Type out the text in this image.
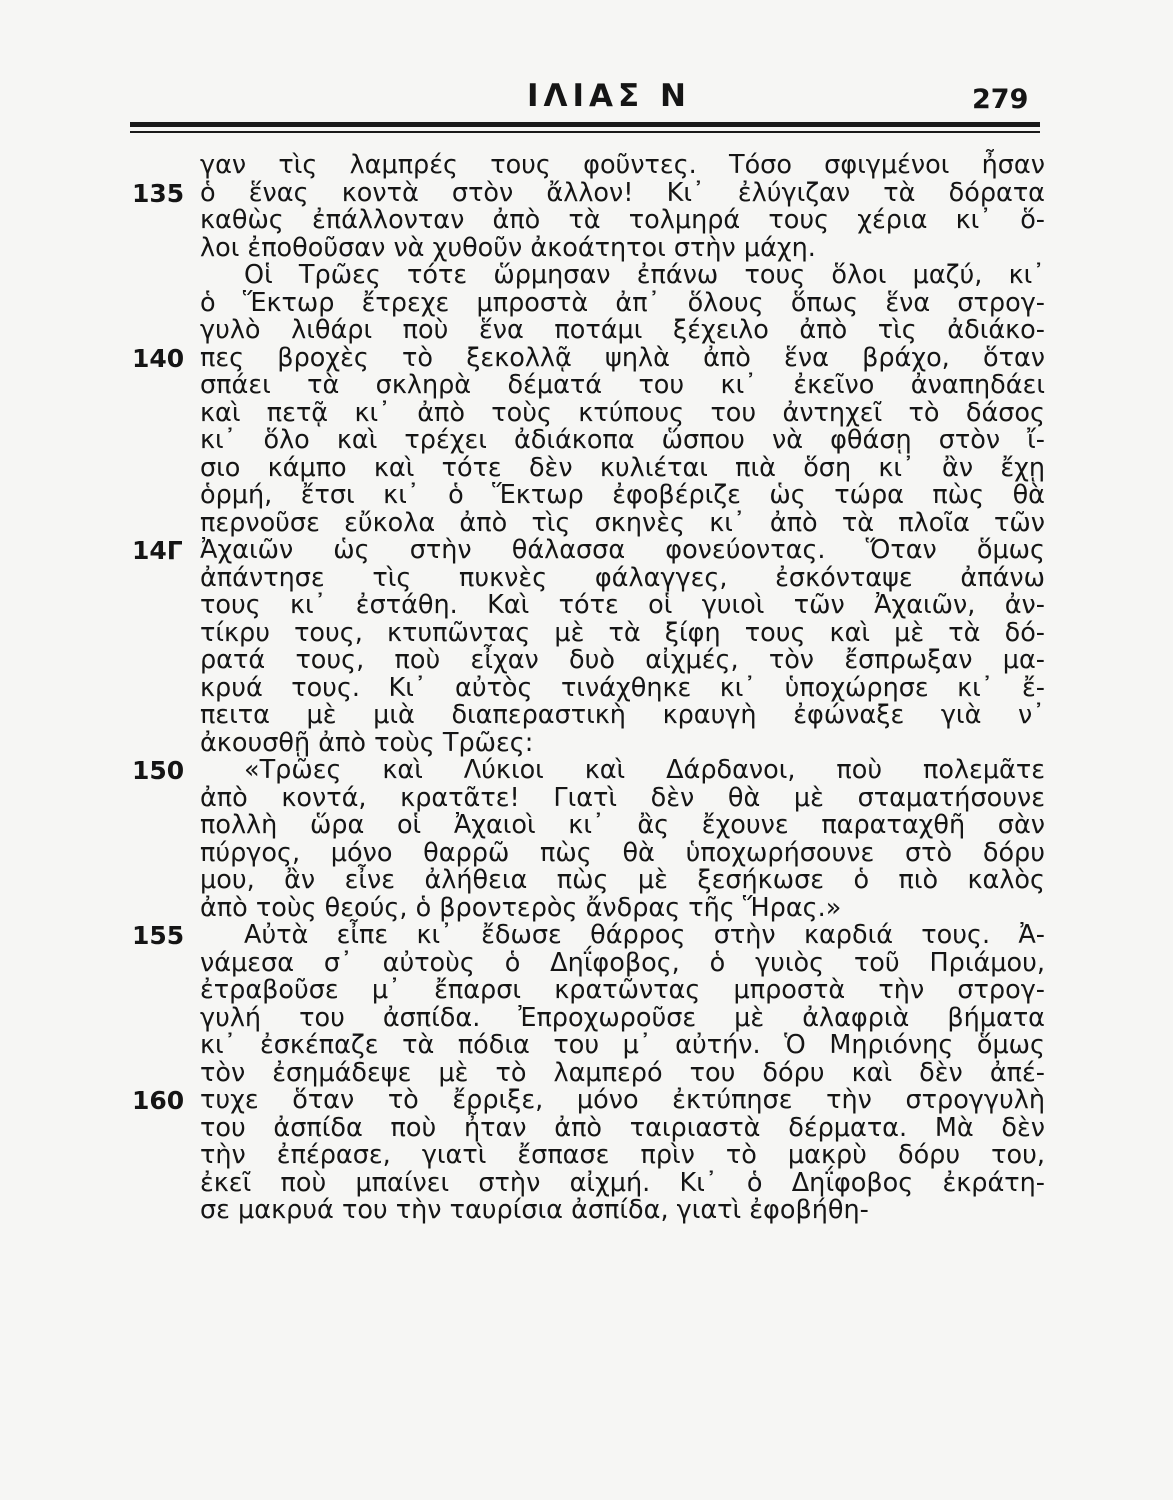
ΙΛΙΑΣ Ν	279
γαν τὶς λαμπρές τους φοῦντες. Τόσο σφιγμένοι ἦσαν
135 ὁ ἕνας κοντὰ στὸν ἄλλον! Κι᾿ ἐλύγιζαν τὰ δόρατα
καθὼς ἐπάλλονταν ἀπὸ τὰ τολμηρά τους χέρια κι᾿ ὅ-
λοι ἐποθοῦσαν νὰ χυθοῦν ἀκοάτητοι στὴν μάχη.
Οἱ Τρῶες τότε ὥρμησαν ἐπάνω τους ὅλοι μαζύ, κι᾿
ὁ Ἕκτωρ ἔτρεχε μπροστὰ ἀπ᾿ ὅλους ὅπως ἕνα στρογ-
γυλὸ λιθάρι ποὺ ἕνα ποτάμι ξέχειλο ἀπὸ τὶς ἀδιάκο-
140 πες βροχὲς τὸ ξεκολλᾷ ψηλὰ ἀπὸ ἕνα βράχο, ὅταν
σπάει τὰ σκληρὰ δέματά του κι᾿ ἐκεῖνο ἀναπηδάει
καὶ πετᾷ κι᾿ ἀπὸ τοὺς κτύπους του ἀντηχεῖ τὸ δάσος
κι᾿ ὅλο καὶ τρέχει ἀδιάκοπα ὥσπου νὰ φθάσῃ στὸν ἴ-
σιο κάμπο καὶ τότε δὲν κυλιέται πιὰ ὅση κι᾿ ἂν ἔχῃ
ὁρμή, ἔτσι κι᾿ ὁ Ἕκτωρ ἐφοβέριζε ὡς τώρα πὼς θὰ
περνοῦσε εὔκολα ἀπὸ τὶς σκηνὲς κι᾿ ἀπὸ τὰ πλοῖα τῶν
14Γ Ἀχαιῶν ὡς στὴν θάλασσα φονεύοντας. Ὅταν ὅμως
ἀπάντησε τὶς πυκνὲς φάλαγγες, ἐσκόνταψε ἀπάνω
τους κι᾿ ἐστάθη. Καὶ τότε οἱ γυιοὶ τῶν Ἀχαιῶν, ἀν-
τίκρυ τους, κτυπῶντας μὲ τὰ ξίφη τους καὶ μὲ τὰ δό-
ρατά τους, ποὺ εἶχαν δυὸ αἰχμές, τὸν ἔσπρωξαν μα-
κρυά τους. Κι᾿ αὐτὸς τινάχθηκε κι᾿ ὑποχώρησε κι᾿ ἔ-
πειτα μὲ μιὰ διαπεραστικὴ κραυγὴ ἐφώναξε γιὰ ν᾿
ἀκουσθῇ ἀπὸ τοὺς Τρῶες:
150	«Τρῶες καὶ Λύκιοι καὶ Δάρδανοι, ποὺ πολεμᾶτε
ἀπὸ κοντά, κρατᾶτε! Γιατὶ δὲν θὰ μὲ σταματήσουνε
πολλὴ ὥρα οἱ Ἀχαιοὶ κι᾿ ἂς ἔχουνε παραταχθῆ σὰν
πύργος, μόνο θαρρῶ πὼς θὰ ὑποχωρήσουνε στὸ δόρυ
μου, ἂν εἶνε ἀλήθεια πὼς μὲ ξεσήκωσε ὁ πιὸ καλὸς
ἀπὸ τοὺς θεούς, ὁ βροντερὸς ἄνδρας τῆς Ἥρας.»
155	Αὐτὰ εἶπε κι᾿ ἔδωσε θάρρος στὴν καρδιά τους. Ἀ-
νάμεσα σ᾿ αὐτοὺς ὁ Δηΐφοβος, ὁ γυιὸς τοῦ Πριάμου,
ἐτραβοῦσε μ᾿ ἔπαρσι κρατῶντας μπροστὰ τὴν στρογ-
γυλή του ἀσπίδα. Ἐπροχωροῦσε μὲ ἀλαφριὰ βήματα
κι᾿ ἐσκέπαζε τὰ πόδια του μ᾿ αὐτήν. Ὁ Μηριόνης ὅμως
τὸν ἐσημάδεψε μὲ τὸ λαμπερό του δόρυ καὶ δὲν ἀπέ-
160 τυχε ὅταν τὸ ἔρριξε, μόνο ἐκτύπησε τὴν στρογγυλὴ
του ἀσπίδα ποὺ ἦταν ἀπὸ ταιριαστὰ δέρματα. Μὰ δὲν
τὴν ἐπέρασε, γιατὶ ἔσπασε πρὶν τὸ μακρὺ δόρυ του,
ἐκεῖ ποὺ μπαίνει στὴν αἰχμή. Κι᾿ ὁ Δηΐφοβος ἐκράτη-
σε μακρυά του τὴν ταυρίσια ἀσπίδα, γιατὶ ἐφοβήθη-
